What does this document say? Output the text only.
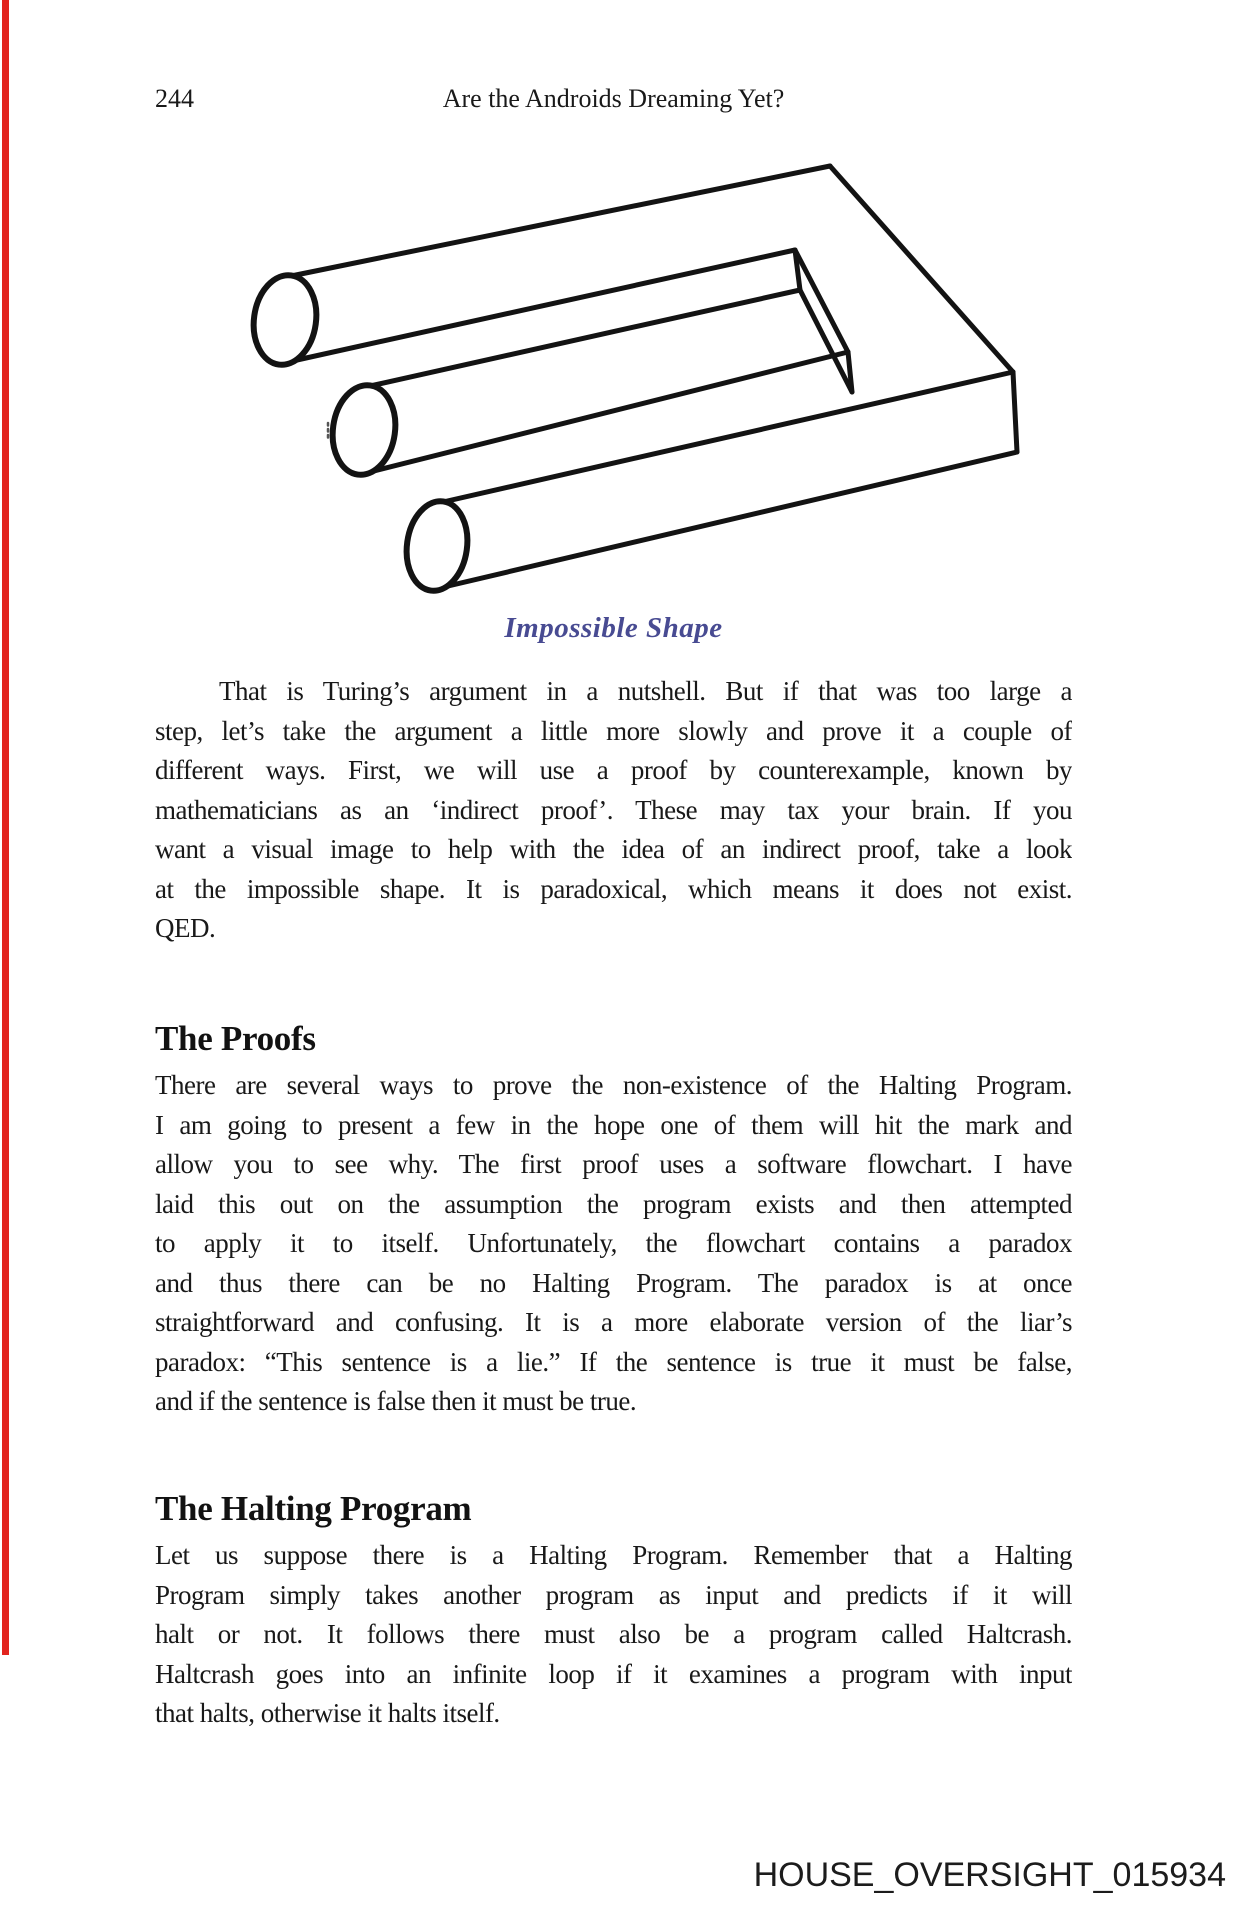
244	Are the Androids Dreaming Yet?
Impossible Shape
That is Turing’s argument in a nutshell. But if that was too large a
step, let’s take the argument a little more slowly and prove it a couple of
different ways. First, we will use a proof by counterexample, known by
mathematicians as an ‘indirect proof’. These may tax your brain. If you
want a visual image to help with the idea of an indirect proof, take a look
at the impossible shape. It is paradoxical, which means it does not exist.
QED.
The Proofs
There are several ways to prove the non-existence of the Halting Program.
I am going to present a few in the hope one of them will hit the mark and
allow you to see why. The first proof uses a software flowchart. I have
laid this out on the assumption the program exists and then attempted
to apply it to itself. Unfortunately, the flowchart contains a paradox
and thus there can be no Halting Program. The paradox is at once
straightforward and confusing. It is a more elaborate version of the liar’s
paradox: “This sentence is a lie.” If the sentence is true it must be false,
and if the sentence is false then it must be true.
The Halting Program
Let us suppose there is a Halting Program. Remember that a Halting
Program simply takes another program as input and predicts if it will
halt or not. It follows there must also be a program called Haltcrash.
Haltcrash goes into an infinite loop if it examines a program with input
that halts, otherwise it halts itself.
HOUSE_OVERSIGHT_015934
